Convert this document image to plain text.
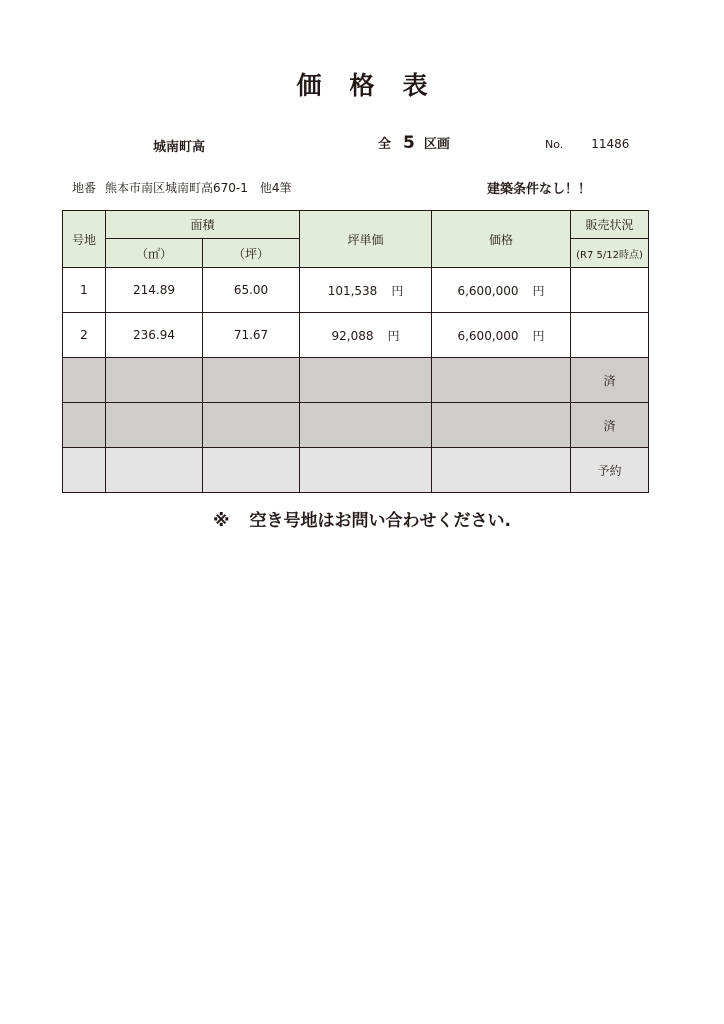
価格表
城南町高	全 5 区画	No. 11486
地番 熊本市南区城南町高670-1　他4筆	建築条件なし！！
号地	面積		坪単価	価格	販売状況
	（㎡）	（坪）			(R7 5/12時点)
1	214.89	65.00	101,538 円	6,600,000 円	
2	236.94	71.67	92,088 円	6,600,000 円	
					済
					済
					予約
※ 空き号地はお問い合わせください.
